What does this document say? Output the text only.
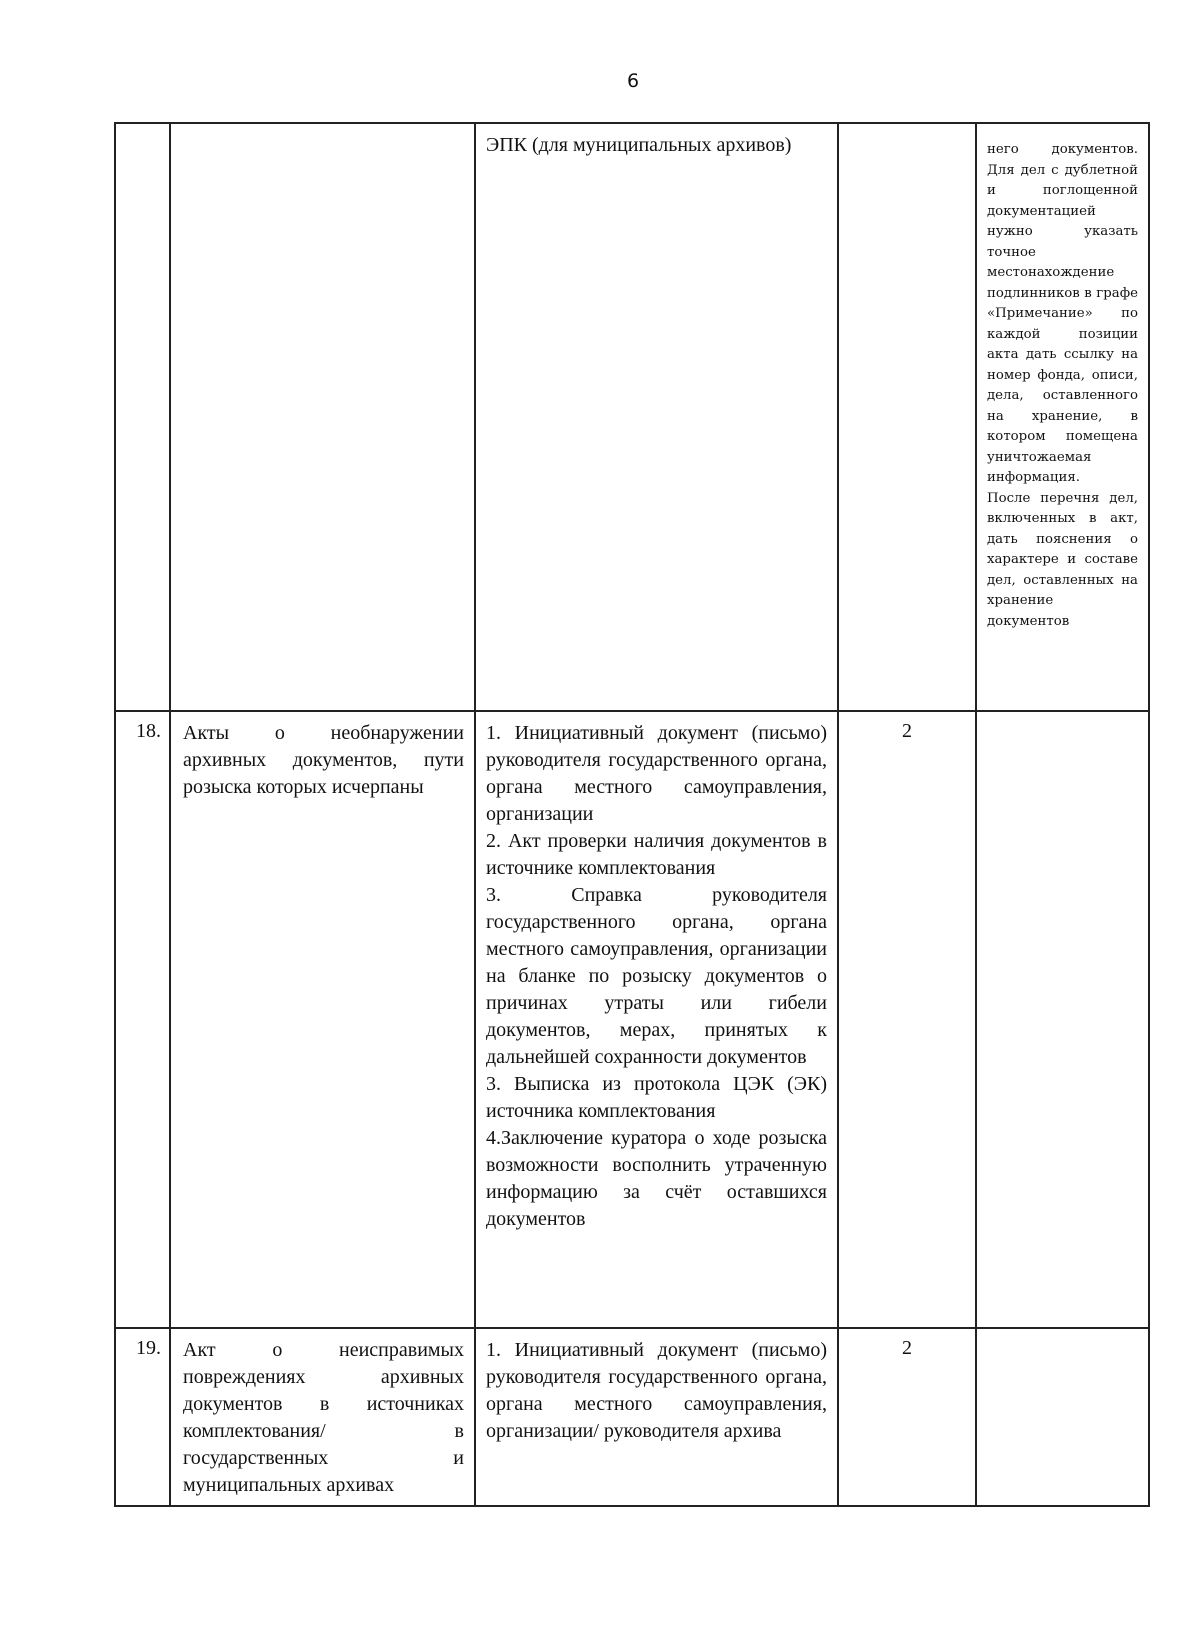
6

		ЭПК (для муниципальных архивов)		него документов. Для дел с дублетной и поглощенной документацией нужно указать точное местонахождение подлинников в графе «Примечание» по каждой позиции акта дать ссылку на номер фонда, описи, дела, оставленного на хранение, в котором помещена уничтожаемая информация.

После перечня дел, включенных в акт, дать пояснения о характере и составе дел, оставленных на хранение документов

18.	Акты о необнаружении архивных документов, пути розыска которых исчерпаны	1. Инициативный документ (письмо) руководителя государственного органа, органа местного самоуправления, организации

2. Акт проверки наличия документов в источнике комплектования

3. Справка руководителя государственного органа, органа местного самоуправления, организации на бланке по розыску документов о причинах утраты или гибели документов, мерах, принятых к дальнейшей сохранности документов

3. Выписка из протокола ЦЭК (ЭК) источника комплектования

4.Заключение куратора о ходе розыска возможности восполнить утраченную информацию за счёт оставшихся документов	2	
19.	Акт о неисправимых повреждениях архивных документов в источниках комплектования/ в государственных и муниципальных архивах	1. Инициативный документ (письмо) руководителя государственного органа, органа местного самоуправления, организации/ руководителя архива	2	
